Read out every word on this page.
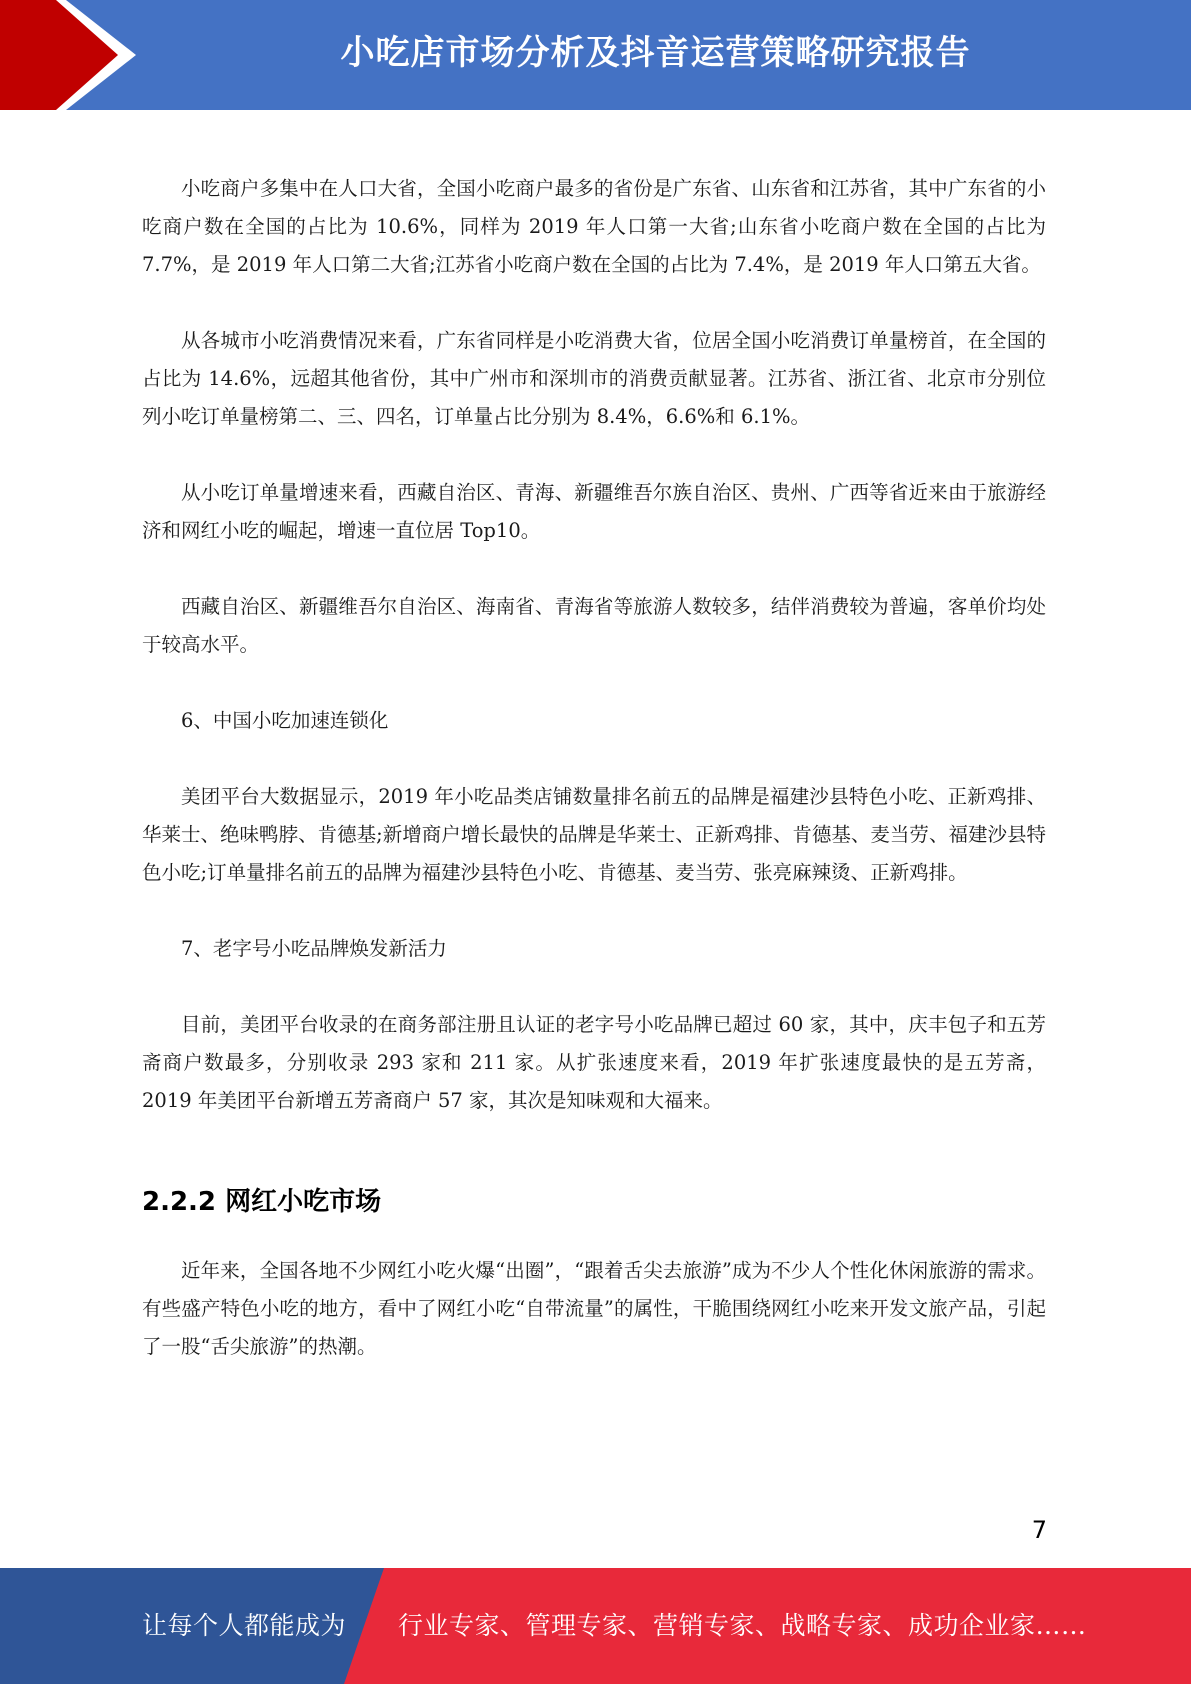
小吃店市场分析及抖音运营策略研究报告

小吃商户多集中在人口大省，全国小吃商户最多的省份是广东省、山东省和江苏省，其中广东省的小吃商户数在全国的占比为 10.6%，同样为 2019 年人口第一大省;山东省小吃商户数在全国的占比为 7.7%，是 2019 年人口第二大省;江苏省小吃商户数在全国的占比为 7.4%，是 2019 年人口第五大省。

从各城市小吃消费情况来看，广东省同样是小吃消费大省，位居全国小吃消费订单量榜首，在全国的占比为 14.6%，远超其他省份，其中广州市和深圳市的消费贡献显著。江苏省、浙江省、北京市分别位列小吃订单量榜第二、三、四名，订单量占比分别为 8.4%，6.6%和 6.1%。

从小吃订单量增速来看，西藏自治区、青海、新疆维吾尔族自治区、贵州、广西等省近来由于旅游经济和网红小吃的崛起，增速一直位居 Top10。

西藏自治区、新疆维吾尔自治区、海南省、青海省等旅游人数较多，结伴消费较为普遍，客单价均处于较高水平。

6、中国小吃加速连锁化

美团平台大数据显示，2019 年小吃品类店铺数量排名前五的品牌是福建沙县特色小吃、正新鸡排、华莱士、绝味鸭脖、肯德基;新增商户增长最快的品牌是华莱士、正新鸡排、肯德基、麦当劳、福建沙县特色小吃;订单量排名前五的品牌为福建沙县特色小吃、肯德基、麦当劳、张亮麻辣烫、正新鸡排。

7、老字号小吃品牌焕发新活力

目前，美团平台收录的在商务部注册且认证的老字号小吃品牌已超过 60 家，其中，庆丰包子和五芳斋商户数最多，分别收录 293 家和 211 家。从扩张速度来看，2019 年扩张速度最快的是五芳斋，2019 年美团平台新增五芳斋商户 57 家，其次是知味观和大福来。

2.2.2 网红小吃市场

近年来，全国各地不少网红小吃火爆“出圈”，“跟着舌尖去旅游”成为不少人个性化休闲旅游的需求。有些盛产特色小吃的地方，看中了网红小吃“自带流量”的属性，干脆围绕网红小吃来开发文旅产品，引起了一股“舌尖旅游”的热潮。

7
让每个人都能成为 行业专家、管理专家、营销专家、战略专家、成功企业家……
